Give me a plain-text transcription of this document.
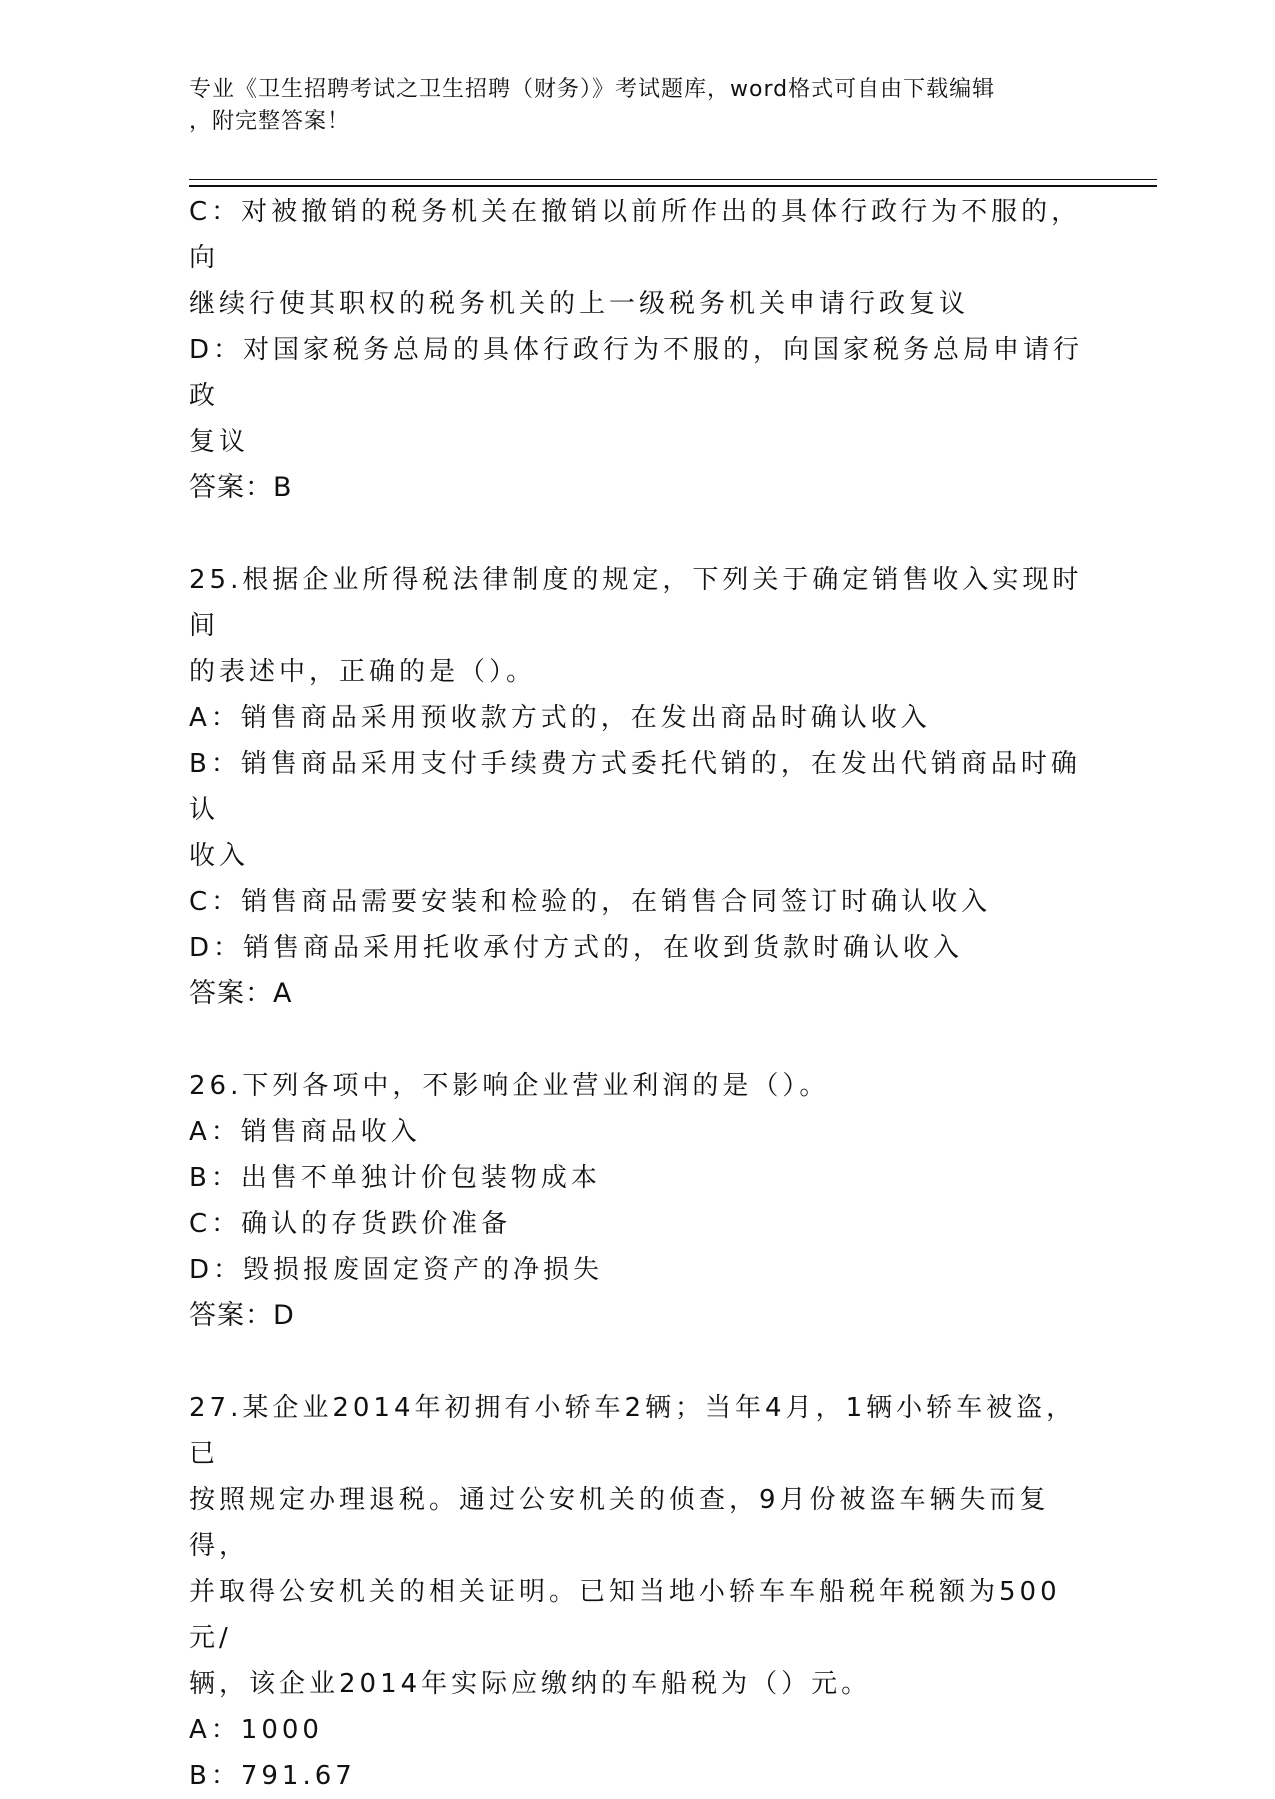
专业《卫生招聘考试之卫生招聘（财务）》考试题库，word格式可自由下载编辑

，附完整答案！

C：对被撤销的税务机关在撤销以前所作出的具体行政行为不服的，向

继续行使其职权的税务机关的上一级税务机关申请行政复议

D：对国家税务总局的具体行政行为不服的，向国家税务总局申请行政

复议

答案：B

25.根据企业所得税法律制度的规定，下列关于确定销售收入实现时间

的表述中，正确的是（）。

A：销售商品采用预收款方式的，在发出商品时确认收入

B：销售商品采用支付手续费方式委托代销的，在发出代销商品时确认

收入

C：销售商品需要安装和检验的，在销售合同签订时确认收入

D：销售商品采用托收承付方式的，在收到货款时确认收入

答案：A

26.下列各项中，不影响企业营业利润的是（）。

A：销售商品收入

B：出售不单独计价包装物成本

C：确认的存货跌价准备

D：毁损报废固定资产的净损失

答案：D

27.某企业2014年初拥有小轿车2辆；当年4月，1辆小轿车被盗，已

按照规定办理退税。通过公安机关的侦查，9月份被盗车辆失而复得，

并取得公安机关的相关证明。已知当地小轿车车船税年税额为500元/

辆，该企业2014年实际应缴纳的车船税为（）元。

A：1000

B：791.67
